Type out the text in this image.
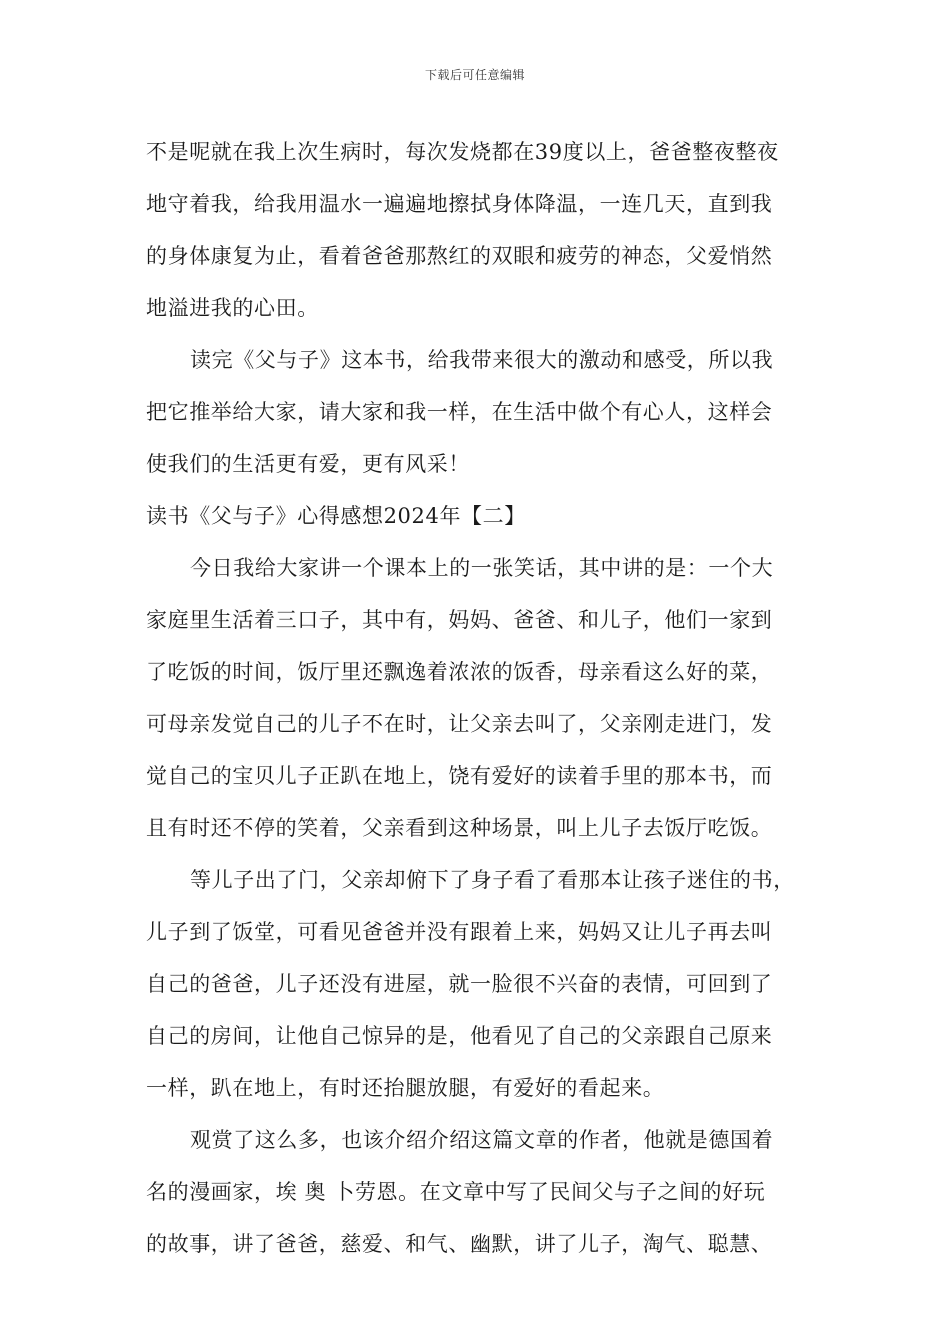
下载后可任意编辑
不是呢就在我上次生病时，每次发烧都在39度以上，爸爸整夜整夜
地守着我，给我用温水一遍遍地擦拭身体降温，一连几天，直到我
的身体康复为止，看着爸爸那熬红的双眼和疲劳的神态，父爱悄然
地溢进我的心田。
读完《父与子》这本书，给我带来很大的激动和感受，所以我
把它推举给大家，请大家和我一样，在生活中做个有心人，这样会
使我们的生活更有爱，更有风采！
读书《父与子》心得感想2024年【二】
今日我给大家讲一个课本上的一张笑话，其中讲的是：一个大
家庭里生活着三口子，其中有，妈妈、爸爸、和儿子，他们一家到
了吃饭的时间，饭厅里还飘逸着浓浓的饭香，母亲看这么好的菜，
可母亲发觉自己的儿子不在时，让父亲去叫了，父亲刚走进门，发
觉自己的宝贝儿子正趴在地上，饶有爱好的读着手里的那本书，而
且有时还不停的笑着，父亲看到这种场景，叫上儿子去饭厅吃饭。
等儿子出了门，父亲却俯下了身子看了看那本让孩子迷住的书，
儿子到了饭堂，可看见爸爸并没有跟着上来，妈妈又让儿子再去叫
自己的爸爸，儿子还没有进屋，就一脸很不兴奋的表情，可回到了
自己的房间，让他自己惊异的是，他看见了自己的父亲跟自己原来
一样，趴在地上，有时还抬腿放腿，有爱好的看起来。
观赏了这么多，也该介绍介绍这篇文章的作者，他就是德国着
名的漫画家，埃 奥 卜劳恩。在文章中写了民间父与子之间的好玩
的故事，讲了爸爸，慈爱、和气、幽默，讲了儿子，淘气、聪慧、
